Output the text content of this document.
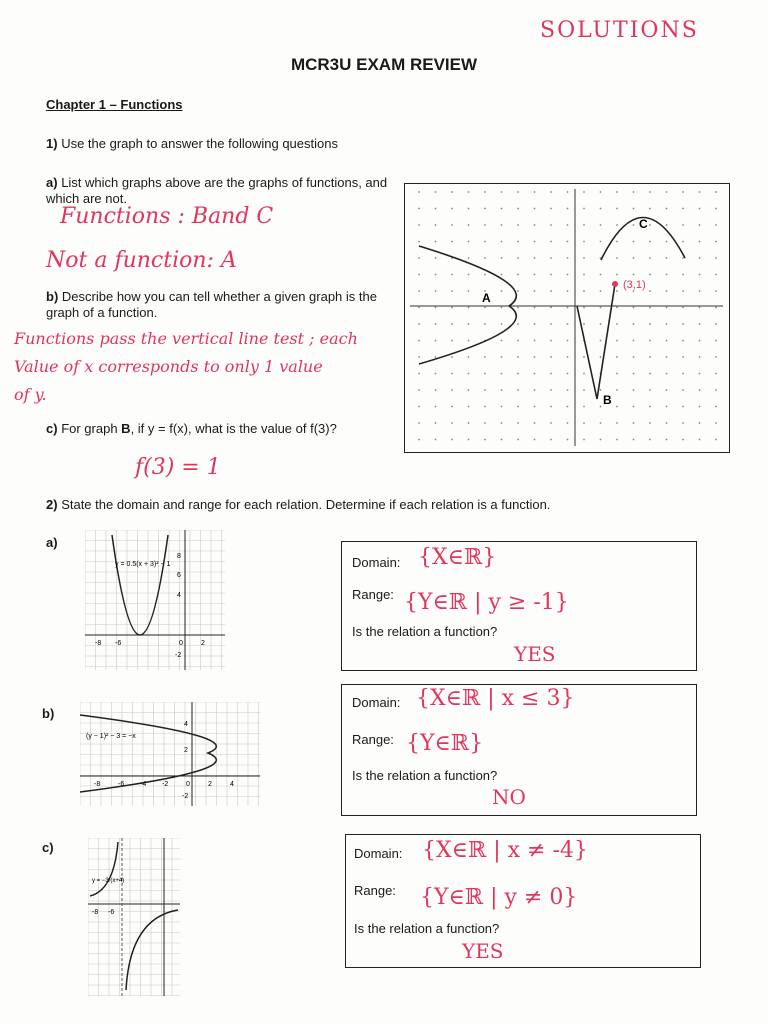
SOLUTIONS
MCR3U EXAM REVIEW
Chapter 1 – Functions
1) Use the graph to answer the following questions
a) List which graphs above are the graphs of functions, and which are not.
Functions : Band C
Not a function: A
b) Describe how you can tell whether a given graph is the graph of a function.
Functions pass the vertical line test ; each
Value of x corresponds to only 1 value
of y.
c) For graph B, if y = f(x), what is the value of f(3)?
f(3) = 1
(3,1)
A
B
C
2) State the domain and range for each relation. Determine if each relation is a function.
a)
y = 0.5(x + 3)² − 1
-8 -6	0	2
8
6
4
-2
Domain: {X∈ℝ}
Range: {Y∈ℝ | y ≥ -1}
Is the relation a function?
YES
b)
(y − 1)² − 3 = −x
-8	-6 -4 -2	0	2	4
4
2
-2
Domain: {X∈ℝ | x ≤ 3}
Range: {Y∈ℝ}
Is the relation a function?
NO
c)
y = −3/(x+4)
-8 -6
Domain: {X∈ℝ | x ≠ -4}
Range: {Y∈ℝ | y ≠ 0}
Is the relation a function?
YES
